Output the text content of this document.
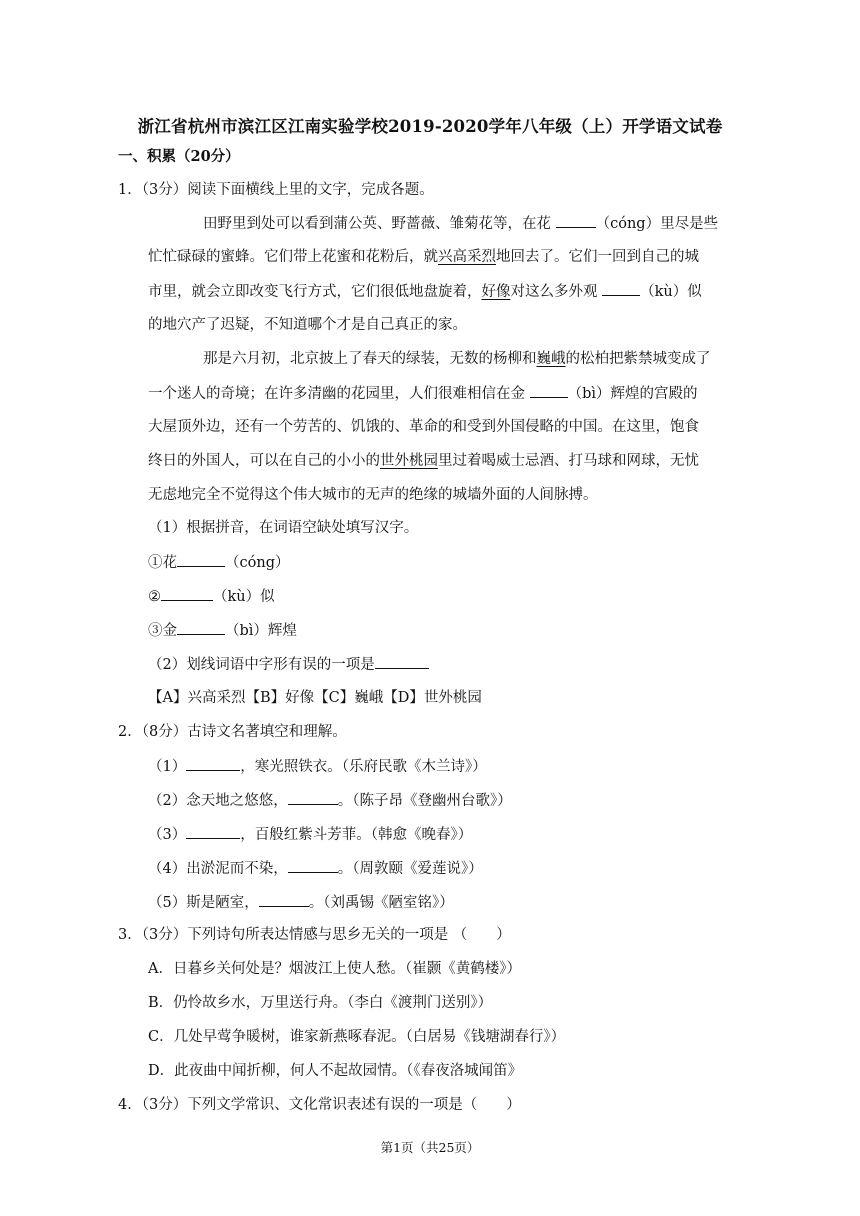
浙江省杭州市滨江区江南实验学校2019-2020学年八年级（上）开学语文试卷
一、积累（20分）
1．（3分）阅读下面横线上里的文字，完成各题。
田野里到处可以看到蒲公英、野蔷薇、雏菊花等，在花	（cóng）里尽是些
忙忙碌碌的蜜蜂。它们带上花蜜和花粉后，就兴高采烈地回去了。它们一回到自己的城
市里，就会立即改变飞行方式，它们很低地盘旋着，好像对这么多外观	（kù）似
的地穴产了迟疑，不知道哪个才是自己真正的家。
那是六月初，北京披上了春天的绿装，无数的杨柳和巍峨的松柏把紫禁城变成了
一个迷人的奇境；在许多清幽的花园里，人们很难相信在金	（bì）辉煌的宫殿的
大屋顶外边，还有一个劳苦的、饥饿的、革命的和受到外国侵略的中国。在这里，饱食
终日的外国人，可以在自己的小小的世外桃园里过着喝威士忌酒、打马球和网球，无忧
无虑地完全不觉得这个伟大城市的无声的绝缘的城墙外面的人间脉搏。
（1）根据拼音，在词语空缺处填写汉字。
①花	（cóng）
②	（kù）似
③金	（bì）辉煌
（2）划线词语中字形有误的一项是
【A】兴高采烈【B】好像【C】巍峨【D】世外桃园
2．（8分）古诗文名著填空和理解。
（1）	，寒光照铁衣。（乐府民歌《木兰诗》）
（2）念天地之悠悠，	。（陈子昂《登幽州台歌》）
（3）	，百般红紫斗芳菲。（韩愈《晚春》）
（4）出淤泥而不染，	。（周敦颐《爱莲说》）
（5）斯是陋室，	。（刘禹锡《陋室铭》）
3．（3分）下列诗句所表达情感与思乡无关的一项是 （　　）
A．日暮乡关何处是？烟波江上使人愁。（崔颢《黄鹤楼》）
B．仍怜故乡水，万里送行舟。（李白《渡荆门送别》）
C．几处早莺争暖树，谁家新燕啄春泥。（白居易《钱塘湖春行》）
D．此夜曲中闻折柳，何人不起故园情。（《春夜洛城闻笛》
4．（3分）下列文学常识、文化常识表述有误的一项是（　　）
第1页（共25页）
